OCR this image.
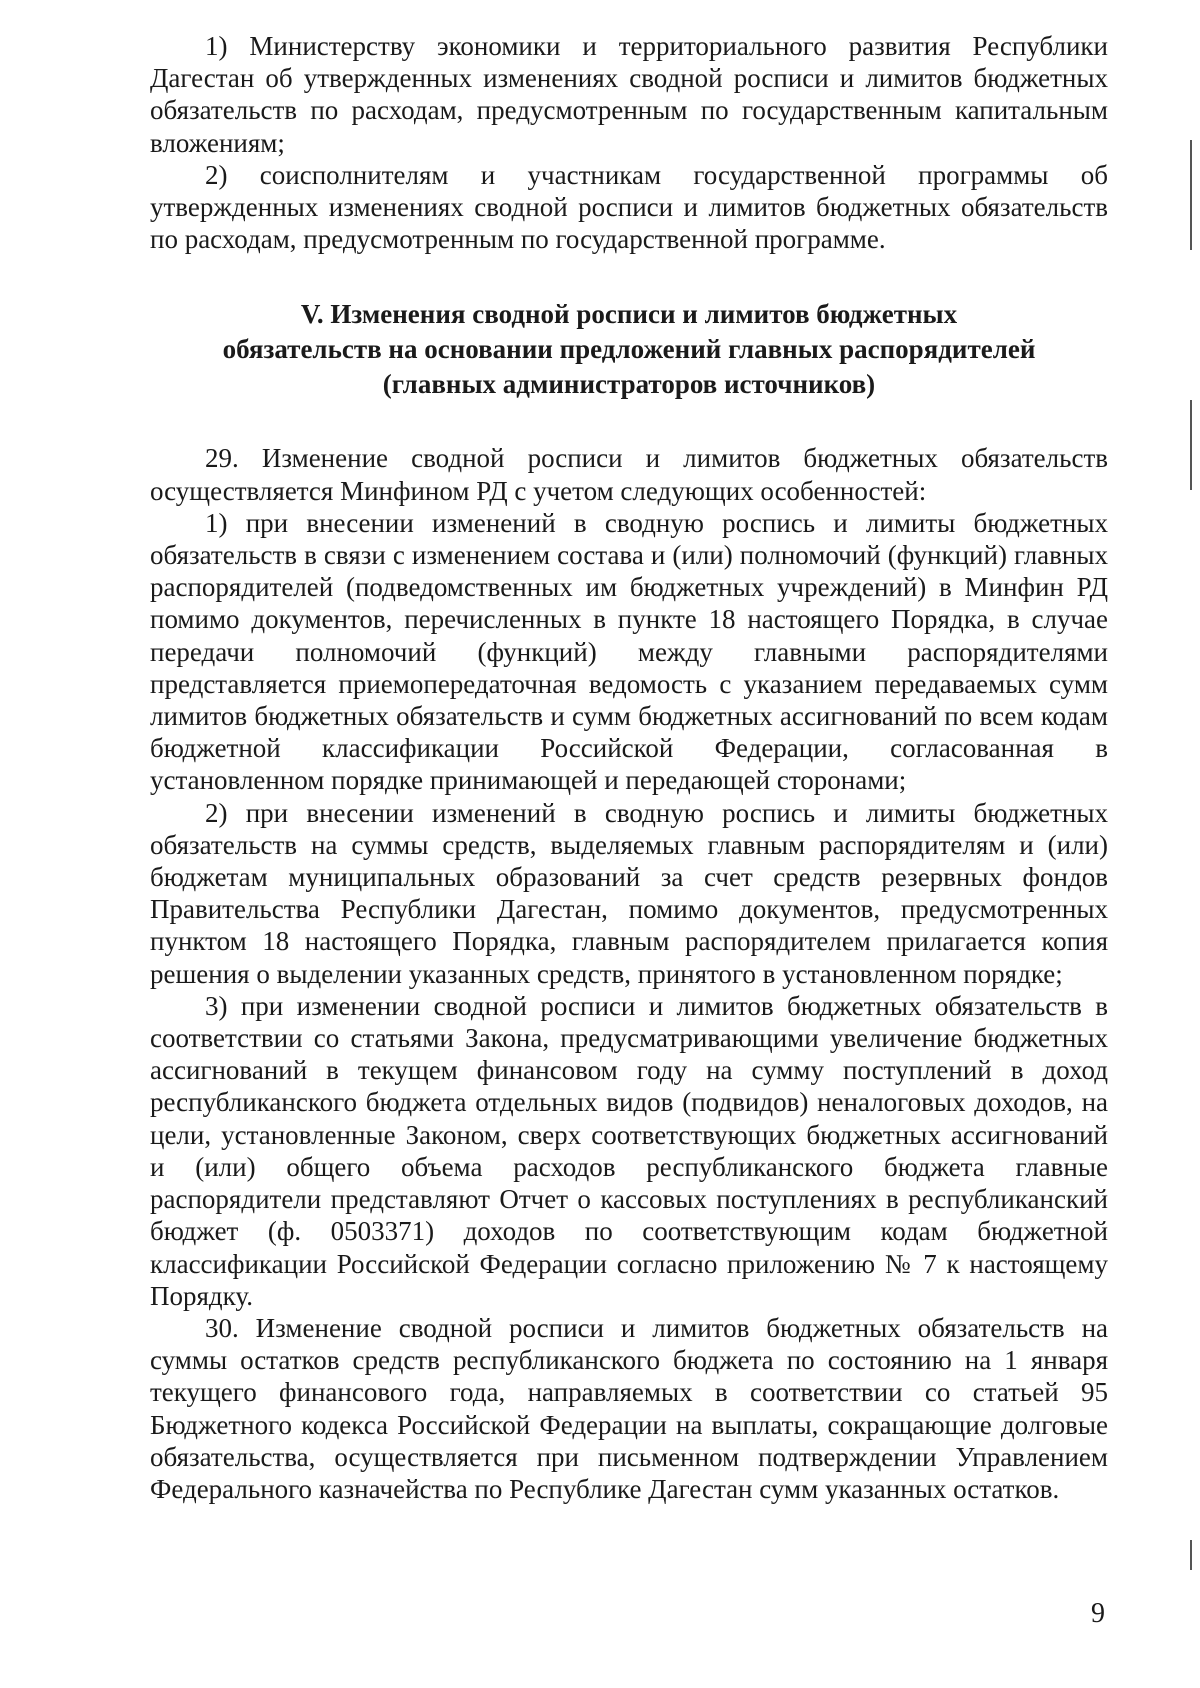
1) Министерству экономики и территориального развития Республики Дагестан об утвержденных изменениях сводной росписи и лимитов бюджетных обязательств по расходам, предусмотренным по государственным капитальным вложениям;

2) соисполнителям и участникам государственной программы об утвержденных изменениях сводной росписи и лимитов бюджетных обязательств по расходам, предусмотренным по государственной программе.

V. Изменения сводной росписи и лимитов бюджетных
обязательств на основании предложений главных распорядителей
(главных администраторов источников)

29. Изменение сводной росписи и лимитов бюджетных обязательств осуществляется Минфином РД с учетом следующих особенностей:

1) при внесении изменений в сводную роспись и лимиты бюджетных обязательств в связи с изменением состава и (или) полномочий (функций) главных распорядителей (подведомственных им бюджетных учреждений) в Минфин РД помимо документов, перечисленных в пункте 18 настоящего Порядка, в случае передачи полномочий (функций) между главными распорядителями представляется приемопередаточная ведомость с указанием передаваемых сумм лимитов бюджетных обязательств и сумм бюджетных ассигнований по всем кодам бюджетной классификации Российской Федерации, согласованная в установленном порядке принимающей и передающей сторонами;

2) при внесении изменений в сводную роспись и лимиты бюджетных обязательств на суммы средств, выделяемых главным распорядителям и (или) бюджетам муниципальных образований за счет средств резервных фондов Правительства Республики Дагестан, помимо документов, предусмотренных пунктом 18 настоящего Порядка, главным распорядителем прилагается копия решения о выделении указанных средств, принятого в установленном порядке;

3) при изменении сводной росписи и лимитов бюджетных обязательств в соответствии со статьями Закона, предусматривающими увеличение бюджетных ассигнований в текущем финансовом году на сумму поступлений в доход республиканского бюджета отдельных видов (подвидов) неналоговых доходов, на цели, установленные Законом, сверх соответствующих бюджетных ассигнований и (или) общего объема расходов республиканского бюджета главные распорядители представляют Отчет о кассовых поступлениях в республиканский бюджет (ф. 0503371) доходов по соответствующим кодам бюджетной классификации Российской Федерации согласно приложению № 7 к настоящему Порядку.

30. Изменение сводной росписи и лимитов бюджетных обязательств на суммы остатков средств республиканского бюджета по состоянию на 1 января текущего финансового года, направляемых в соответствии со статьей 95 Бюджетного кодекса Российской Федерации на выплаты, сокращающие долговые обязательства, осуществляется при письменном подтверждении Управлением Федерального казначейства по Республике Дагестан сумм указанных остатков.

9
